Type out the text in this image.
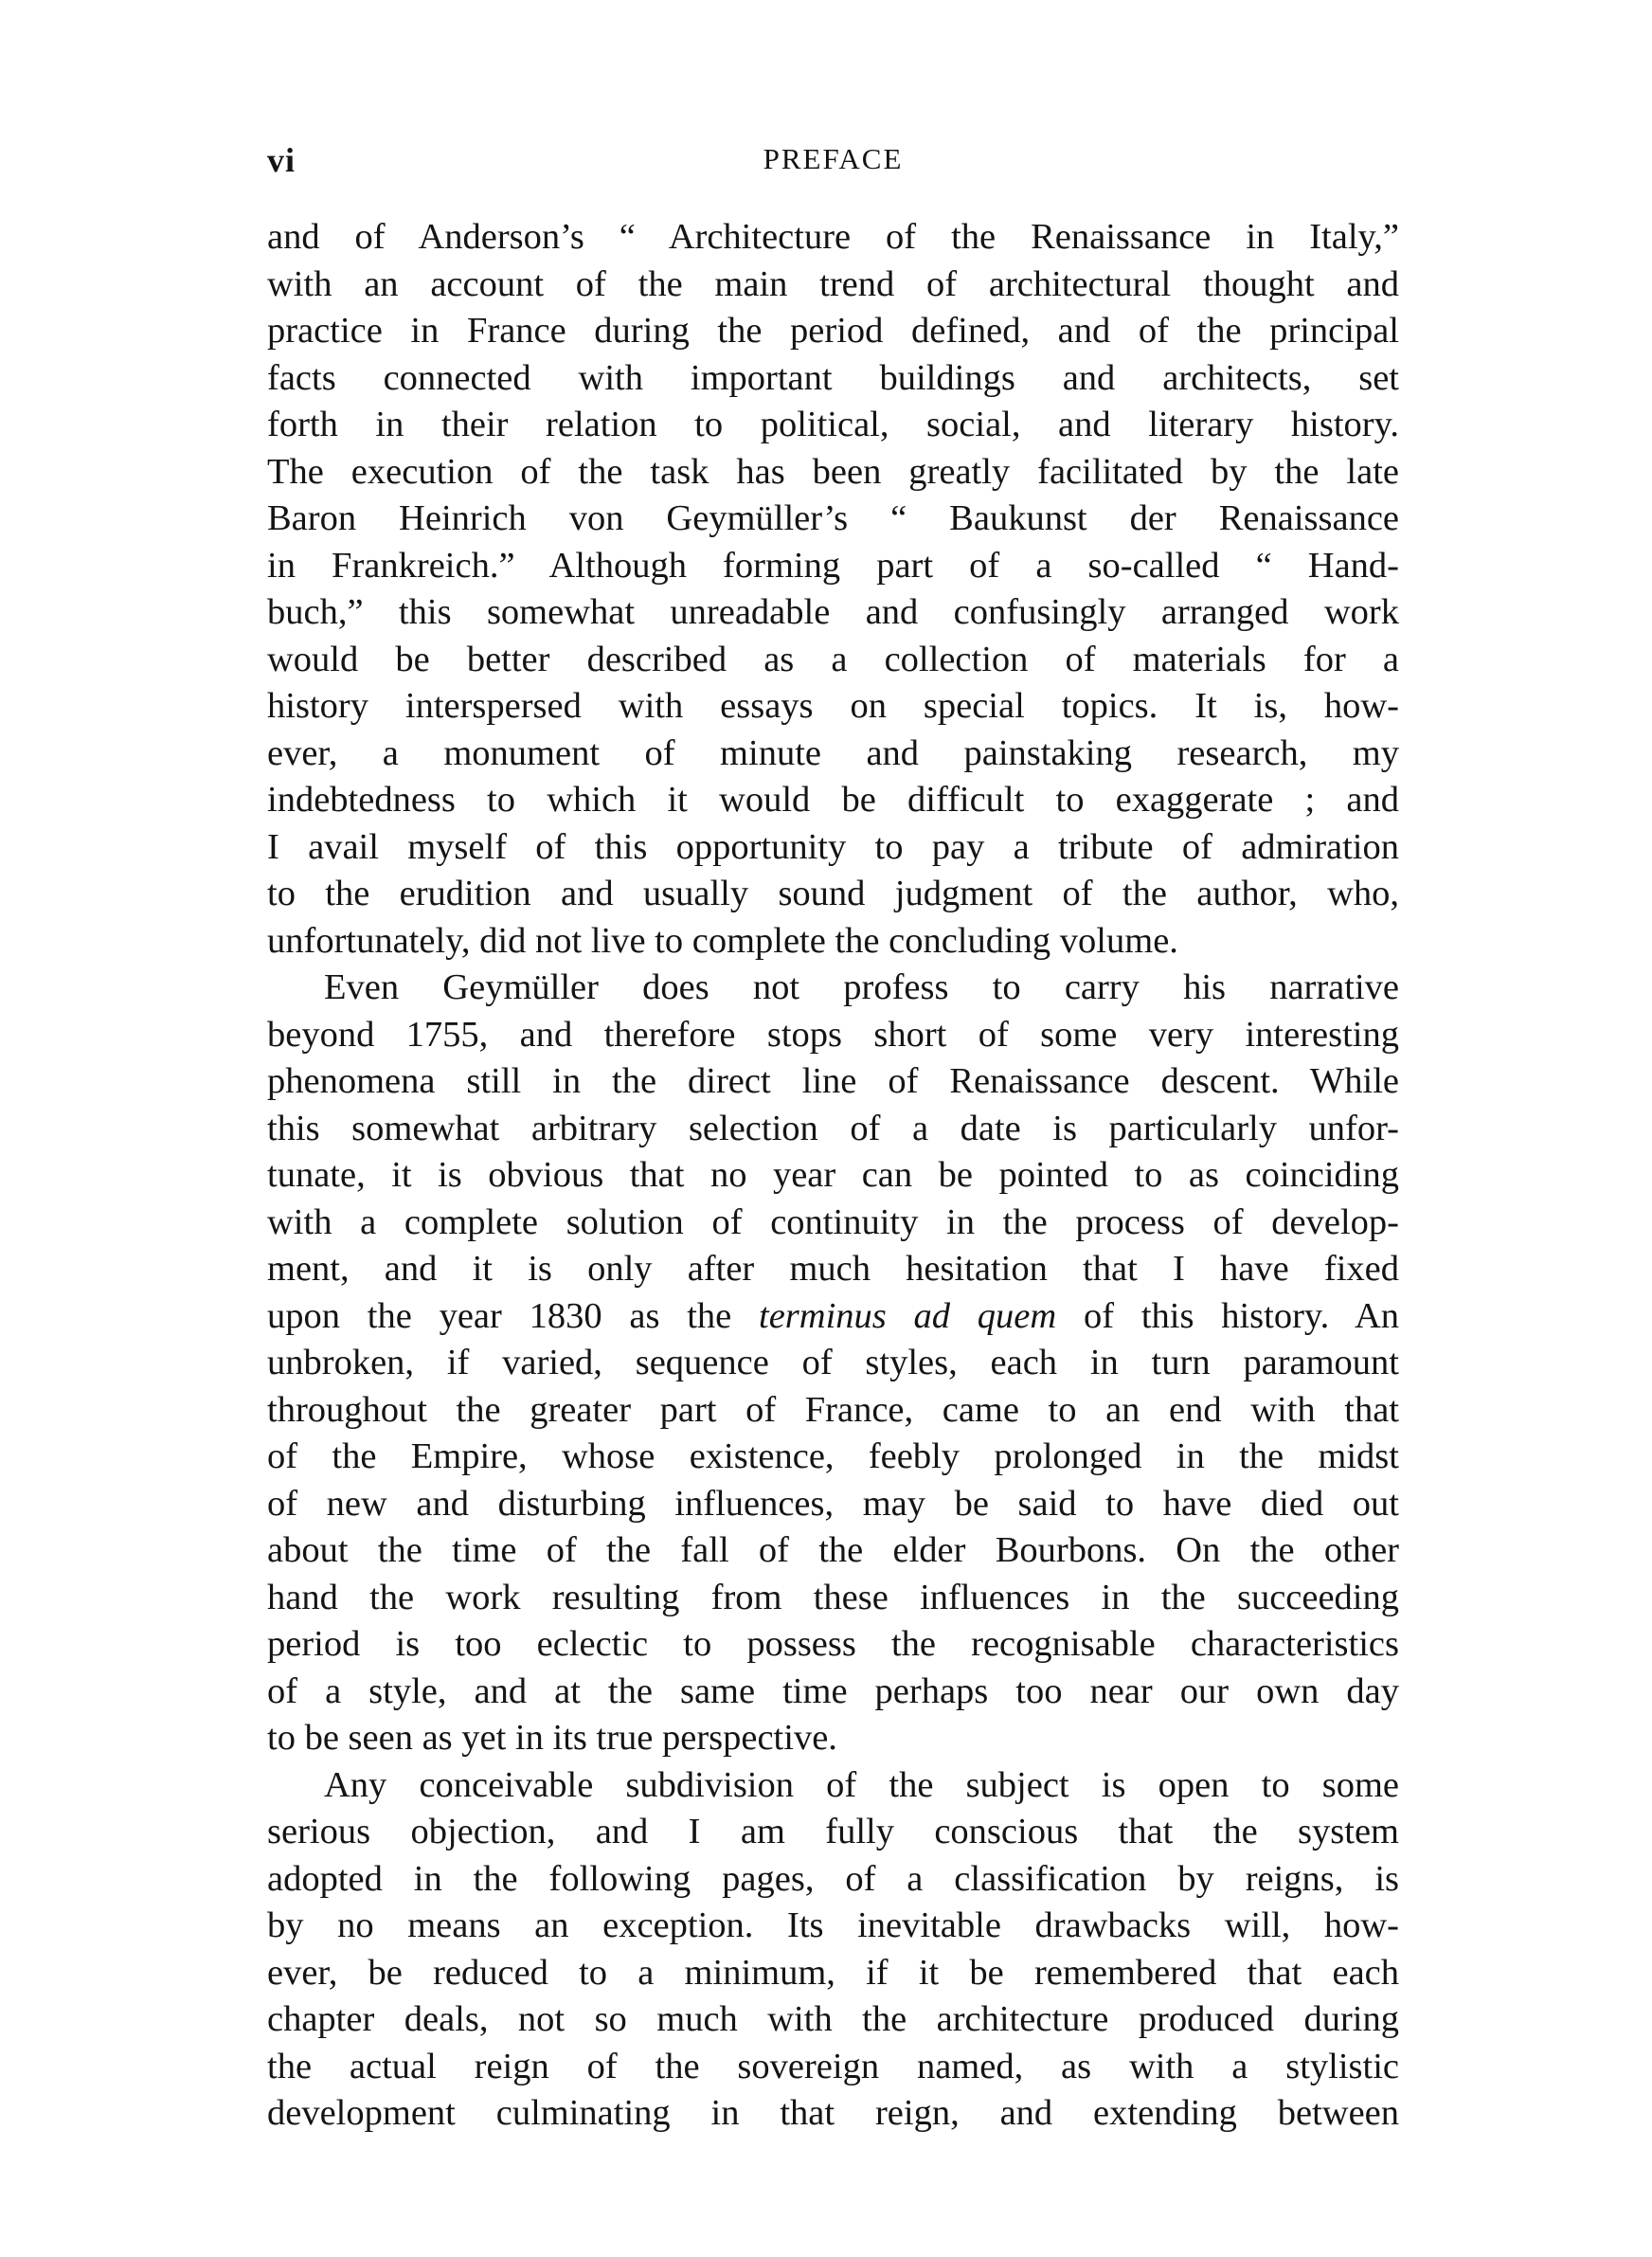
vi	PREFACE

and of Anderson’s “ Architecture of the Renaissance in Italy,”
with an account of the main trend of architectural thought and
practice in France during the period defined, and of the principal
facts connected with important buildings and architects, set
forth in their relation to political, social, and literary history.
The execution of the task has been greatly facilitated by the late
Baron Heinrich von Geymüller’s “ Baukunst der Renaissance
in Frankreich.” Although forming part of a so-called “ Hand-
buch,” this somewhat unreadable and confusingly arranged work
would be better described as a collection of materials for a
history interspersed with essays on special topics. It is, how-
ever, a monument of minute and painstaking research, my
indebtedness to which it would be difficult to exaggerate ; and
I avail myself of this opportunity to pay a tribute of admiration
to the erudition and usually sound judgment of the author, who,
unfortunately, did not live to complete the concluding volume.

Even Geymüller does not profess to carry his narrative
beyond 1755, and therefore stops short of some very interesting
phenomena still in the direct line of Renaissance descent. While
this somewhat arbitrary selection of a date is particularly unfor-
tunate, it is obvious that no year can be pointed to as coinciding
with a complete solution of continuity in the process of develop-
ment, and it is only after much hesitation that I have fixed
upon the year 1830 as the terminus ad quem of this history. An
unbroken, if varied, sequence of styles, each in turn paramount
throughout the greater part of France, came to an end with that
of the Empire, whose existence, feebly prolonged in the midst
of new and disturbing influences, may be said to have died out
about the time of the fall of the elder Bourbons. On the other
hand the work resulting from these influences in the succeeding
period is too eclectic to possess the recognisable characteristics
of a style, and at the same time perhaps too near our own day
to be seen as yet in its true perspective.

Any conceivable subdivision of the subject is open to some
serious objection, and I am fully conscious that the system
adopted in the following pages, of a classification by reigns, is
by no means an exception. Its inevitable drawbacks will, how-
ever, be reduced to a minimum, if it be remembered that each
chapter deals, not so much with the architecture produced during
the actual reign of the sovereign named, as with a stylistic
development culminating in that reign, and extending between
